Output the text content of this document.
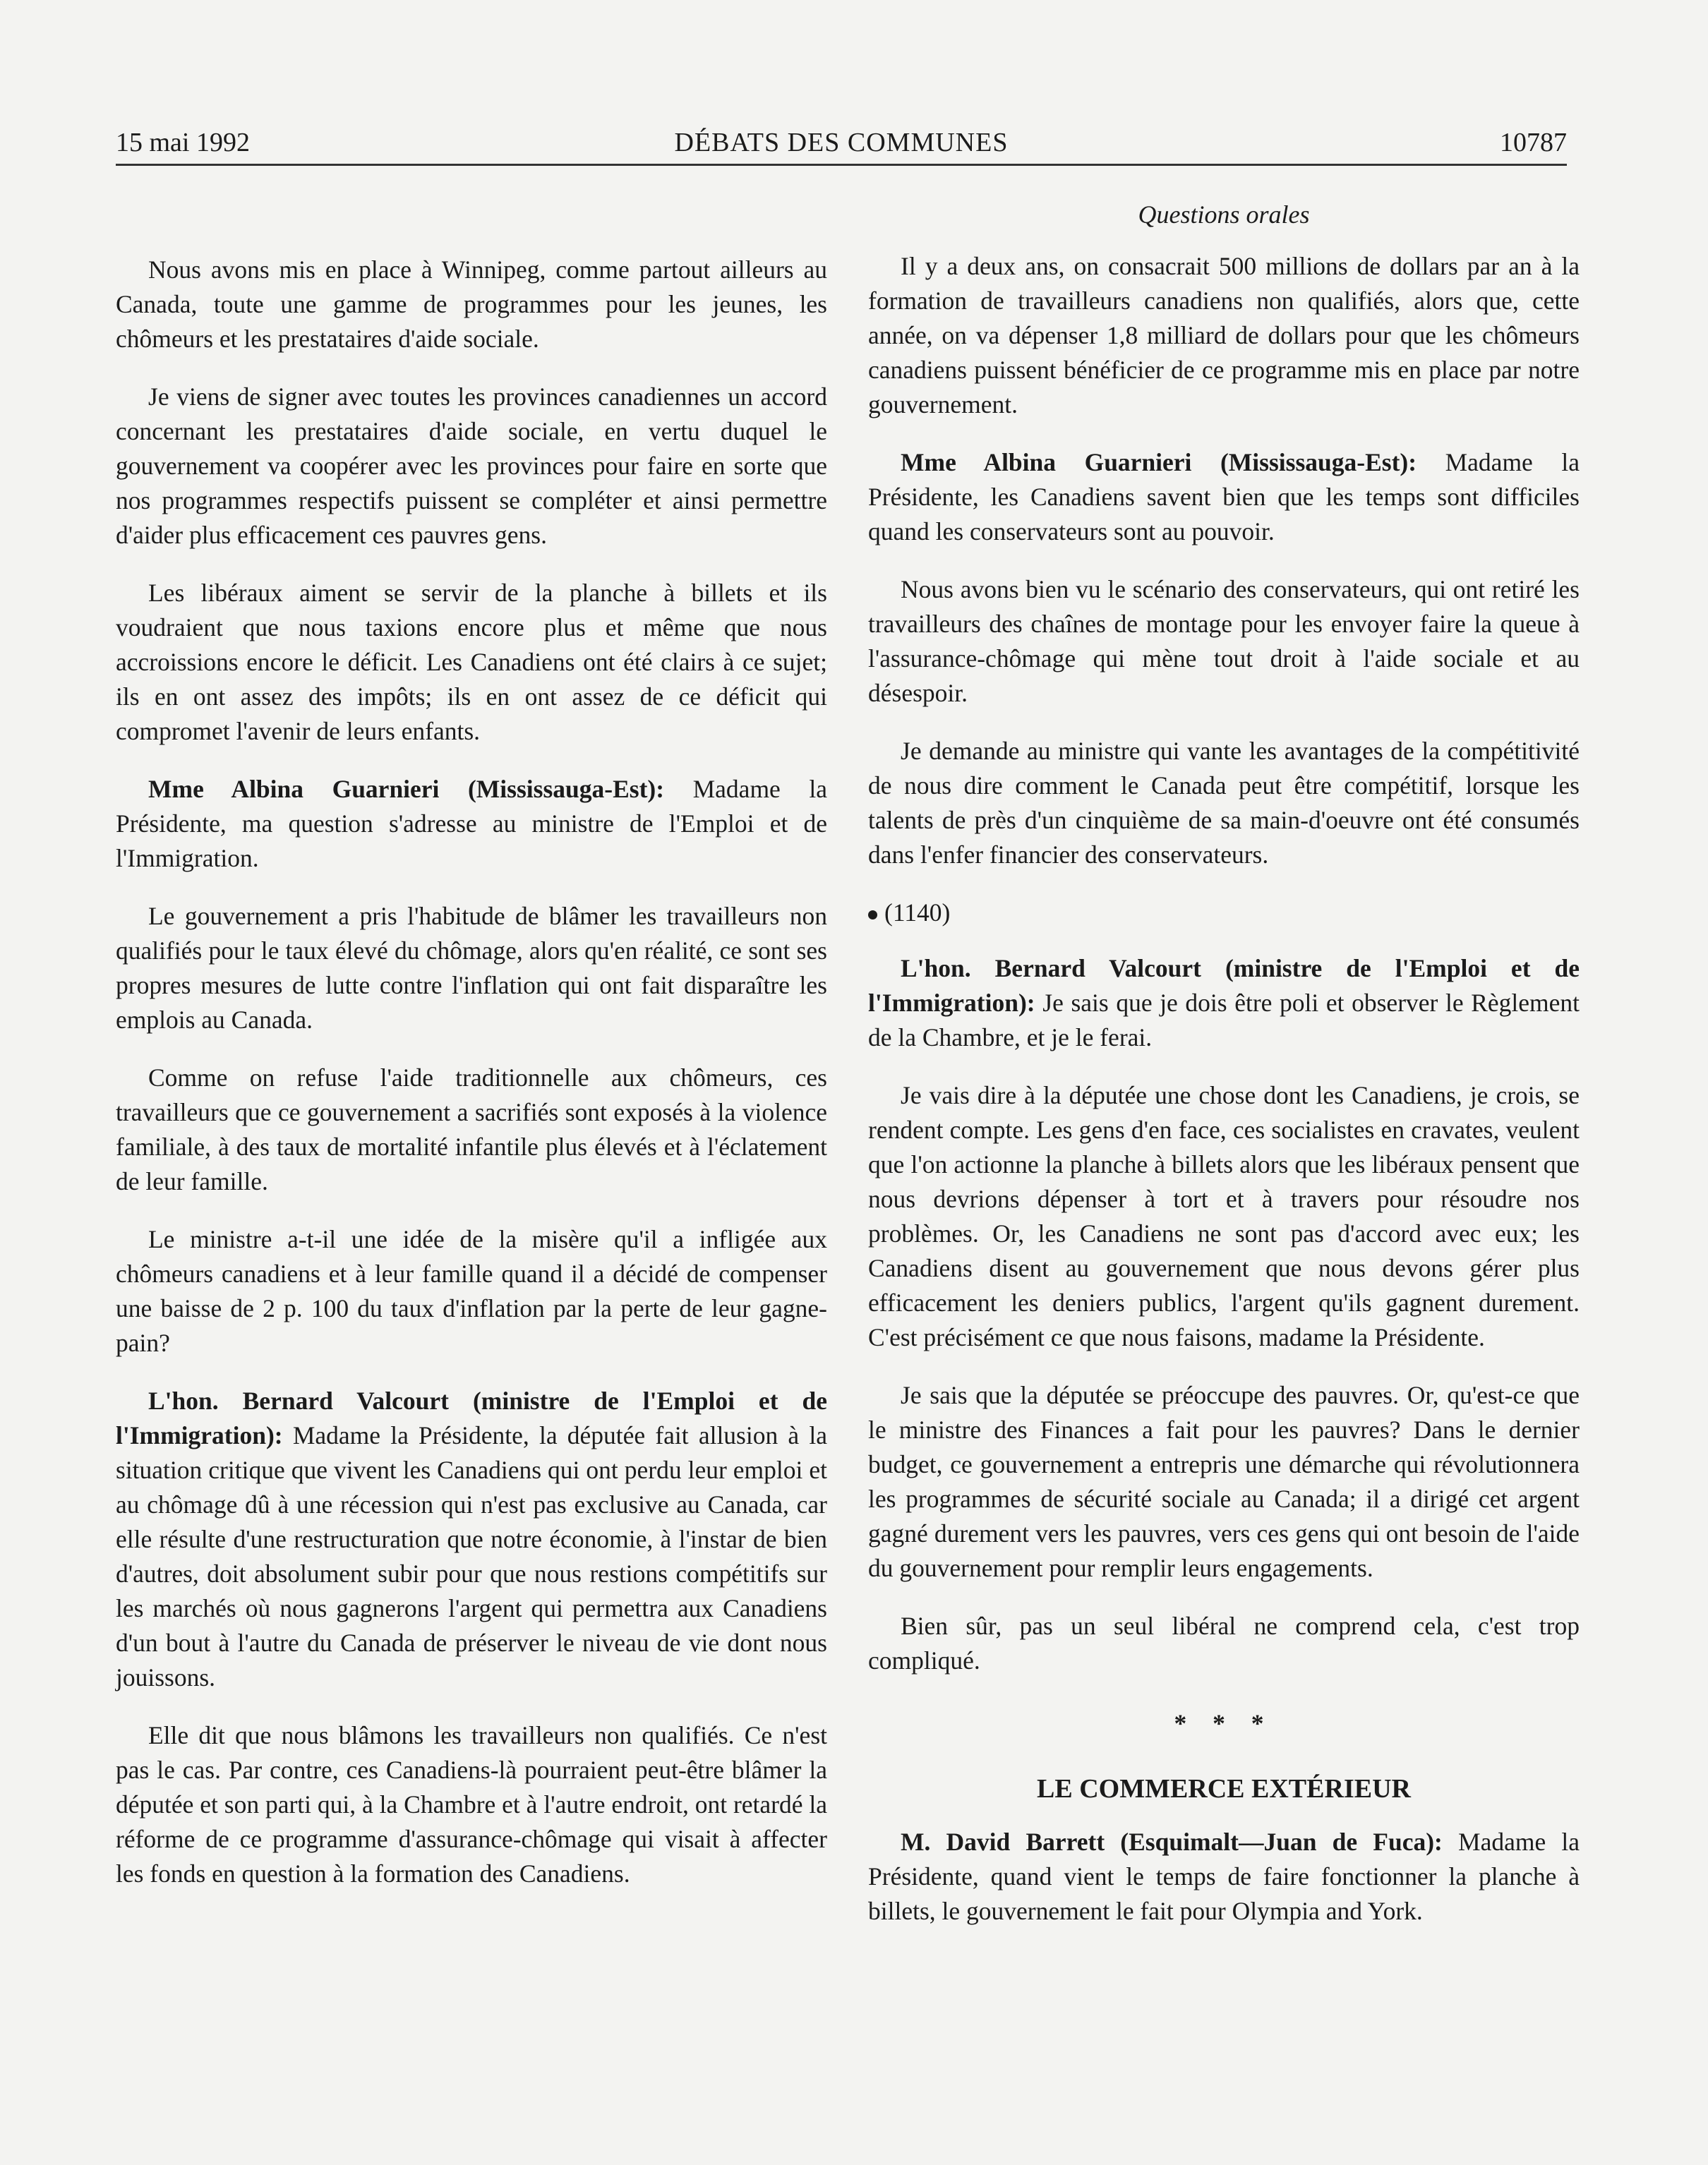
15 mai 1992	DÉBATS DES COMMUNES	10787

Nous avons mis en place à Winnipeg, comme partout ailleurs au Canada, toute une gamme de programmes pour les jeunes, les chômeurs et les prestataires d'aide sociale.

Je viens de signer avec toutes les provinces canadiennes un accord concernant les prestataires d'aide sociale, en vertu duquel le gouvernement va coopérer avec les provinces pour faire en sorte que nos programmes respectifs puissent se compléter et ainsi permettre d'aider plus efficacement ces pauvres gens.

Les libéraux aiment se servir de la planche à billets et ils voudraient que nous taxions encore plus et même que nous accroissions encore le déficit. Les Canadiens ont été clairs à ce sujet; ils en ont assez des impôts; ils en ont assez de ce déficit qui compromet l'avenir de leurs enfants.

Mme Albina Guarnieri (Mississauga-Est): Madame la Présidente, ma question s'adresse au ministre de l'Emploi et de l'Immigration.

Le gouvernement a pris l'habitude de blâmer les travailleurs non qualifiés pour le taux élevé du chômage, alors qu'en réalité, ce sont ses propres mesures de lutte contre l'inflation qui ont fait disparaître les emplois au Canada.

Comme on refuse l'aide traditionnelle aux chômeurs, ces travailleurs que ce gouvernement a sacrifiés sont exposés à la violence familiale, à des taux de mortalité infantile plus élevés et à l'éclatement de leur famille.

Le ministre a-t-il une idée de la misère qu'il a infligée aux chômeurs canadiens et à leur famille quand il a décidé de compenser une baisse de 2 p. 100 du taux d'inflation par la perte de leur gagne-pain?

L'hon. Bernard Valcourt (ministre de l'Emploi et de l'Immigration): Madame la Présidente, la députée fait allusion à la situation critique que vivent les Canadiens qui ont perdu leur emploi et au chômage dû à une récession qui n'est pas exclusive au Canada, car elle résulte d'une restructuration que notre économie, à l'instar de bien d'autres, doit absolument subir pour que nous restions compétitifs sur les marchés où nous gagnerons l'argent qui permettra aux Canadiens d'un bout à l'autre du Canada de préserver le niveau de vie dont nous jouissons.

Elle dit que nous blâmons les travailleurs non qualifiés. Ce n'est pas le cas. Par contre, ces Canadiens-là pourraient peut-être blâmer la députée et son parti qui, à la Chambre et à l'autre endroit, ont retardé la réforme de ce programme d'assurance-chômage qui visait à affecter les fonds en question à la formation des Canadiens.

Questions orales

Il y a deux ans, on consacrait 500 millions de dollars par an à la formation de travailleurs canadiens non qualifiés, alors que, cette année, on va dépenser 1,8 milliard de dollars pour que les chômeurs canadiens puissent bénéficier de ce programme mis en place par notre gouvernement.

Mme Albina Guarnieri (Mississauga-Est): Madame la Présidente, les Canadiens savent bien que les temps sont difficiles quand les conservateurs sont au pouvoir.

Nous avons bien vu le scénario des conservateurs, qui ont retiré les travailleurs des chaînes de montage pour les envoyer faire la queue à l'assurance-chômage qui mène tout droit à l'aide sociale et au désespoir.

Je demande au ministre qui vante les avantages de la compétitivité de nous dire comment le Canada peut être compétitif, lorsque les talents de près d'un cinquième de sa main-d'oeuvre ont été consumés dans l'enfer financier des conservateurs.

(1140)

L'hon. Bernard Valcourt (ministre de l'Emploi et de l'Immigration): Je sais que je dois être poli et observer le Règlement de la Chambre, et je le ferai.

Je vais dire à la députée une chose dont les Canadiens, je crois, se rendent compte. Les gens d'en face, ces socialistes en cravates, veulent que l'on actionne la planche à billets alors que les libéraux pensent que nous devrions dépenser à tort et à travers pour résoudre nos problèmes. Or, les Canadiens ne sont pas d'accord avec eux; les Canadiens disent au gouvernement que nous devons gérer plus efficacement les deniers publics, l'argent qu'ils gagnent durement. C'est précisément ce que nous faisons, madame la Présidente.

Je sais que la députée se préoccupe des pauvres. Or, qu'est-ce que le ministre des Finances a fait pour les pauvres? Dans le dernier budget, ce gouvernement a entrepris une démarche qui révolutionnera les programmes de sécurité sociale au Canada; il a dirigé cet argent gagné durement vers les pauvres, vers ces gens qui ont besoin de l'aide du gouvernement pour remplir leurs engagements.

Bien sûr, pas un seul libéral ne comprend cela, c'est trop compliqué.

* * *

LE COMMERCE EXTÉRIEUR

M. David Barrett (Esquimalt—Juan de Fuca): Madame la Présidente, quand vient le temps de faire fonctionner la planche à billets, le gouvernement le fait pour Olympia and York.
